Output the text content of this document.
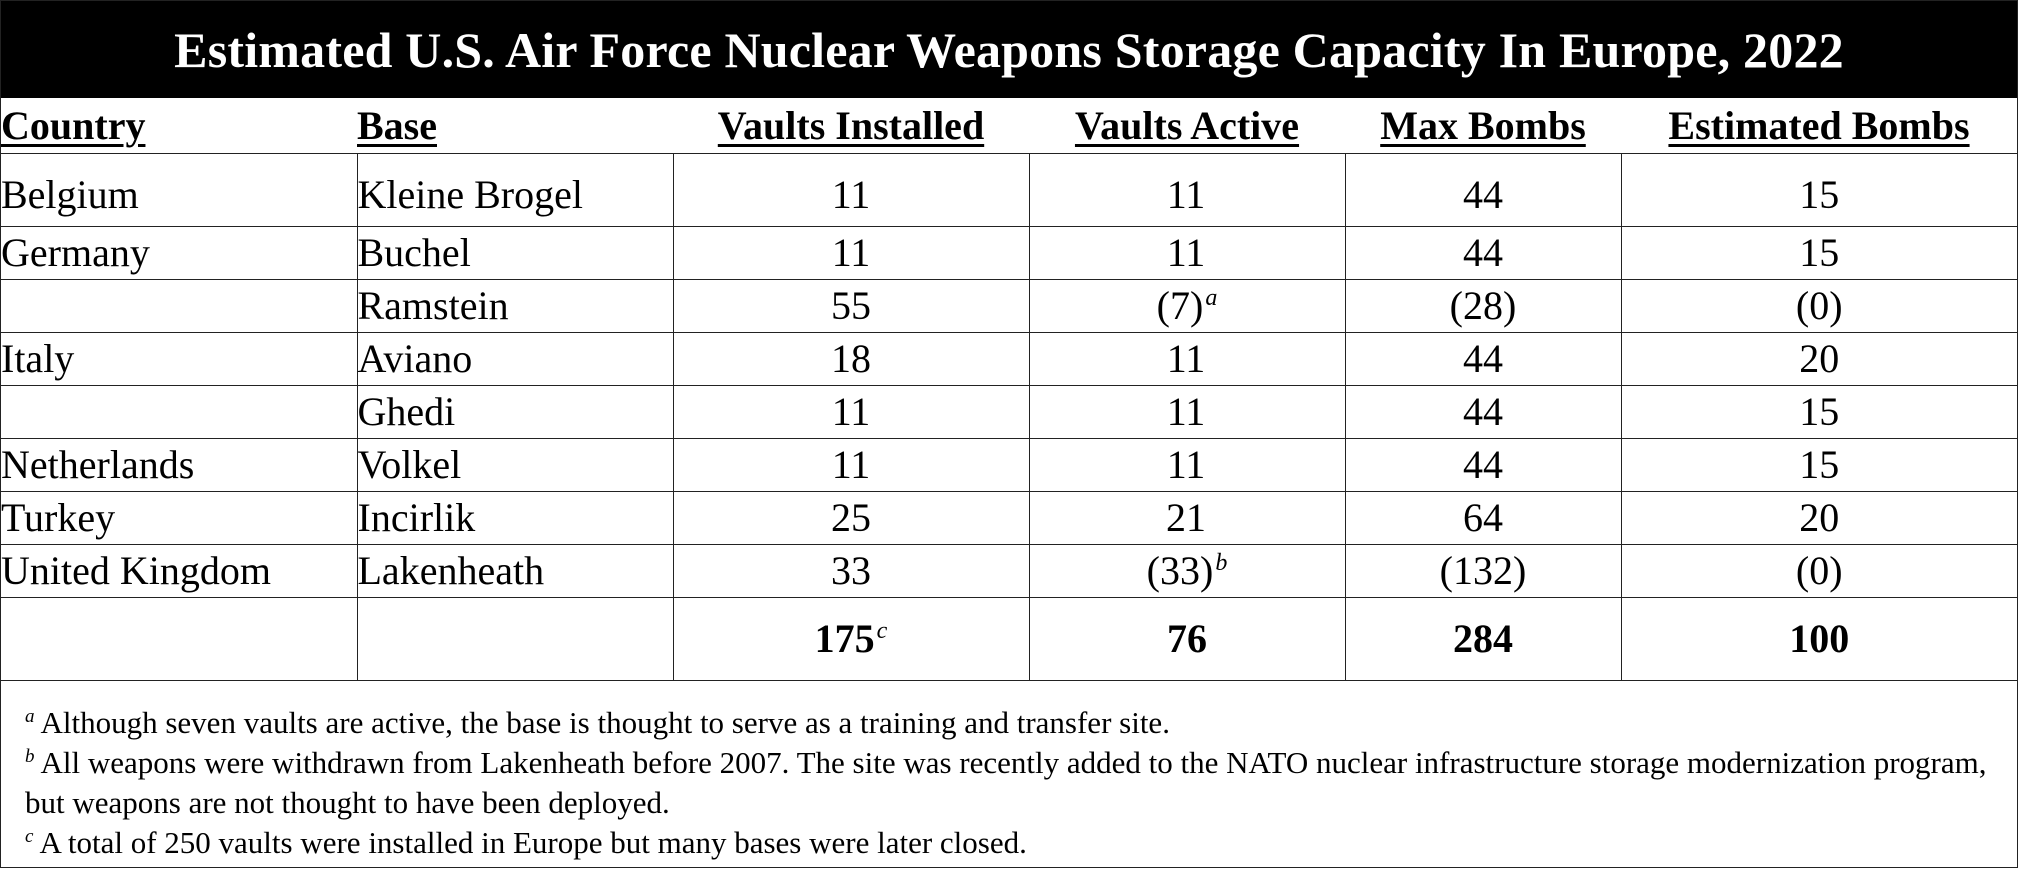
Estimated U.S. Air Force Nuclear Weapons Storage Capacity In Europe, 2022
Country	Base	Vaults Installed	Vaults Active	Max Bombs	Estimated Bombs
Belgium	Kleine Brogel	11	11	44	15
Germany	Buchel	11	11	44	15
	Ramstein	55	$(7)^a$	(28)	(0)
Italy	Aviano	18	11	44	20
	Ghedi	11	11	44	15
Netherlands	Volkel	11	11	44	15
Turkey	Incirlik	25	21	64	20
United Kingdom	Lakenheath	33	$(33)^b$	(132)	(0)
		175$^c$	76	284	100
$^a$ Although seven vaults are active, the base is thought to serve as a training and transfer site.
$^b$ All weapons were withdrawn from Lakenheath before 2007. The site was recently added to the NATO nuclear infrastructure storage modernization program, but weapons are not thought to have been deployed.
$^c$ A total of 250 vaults were installed in Europe but many bases were later closed.
